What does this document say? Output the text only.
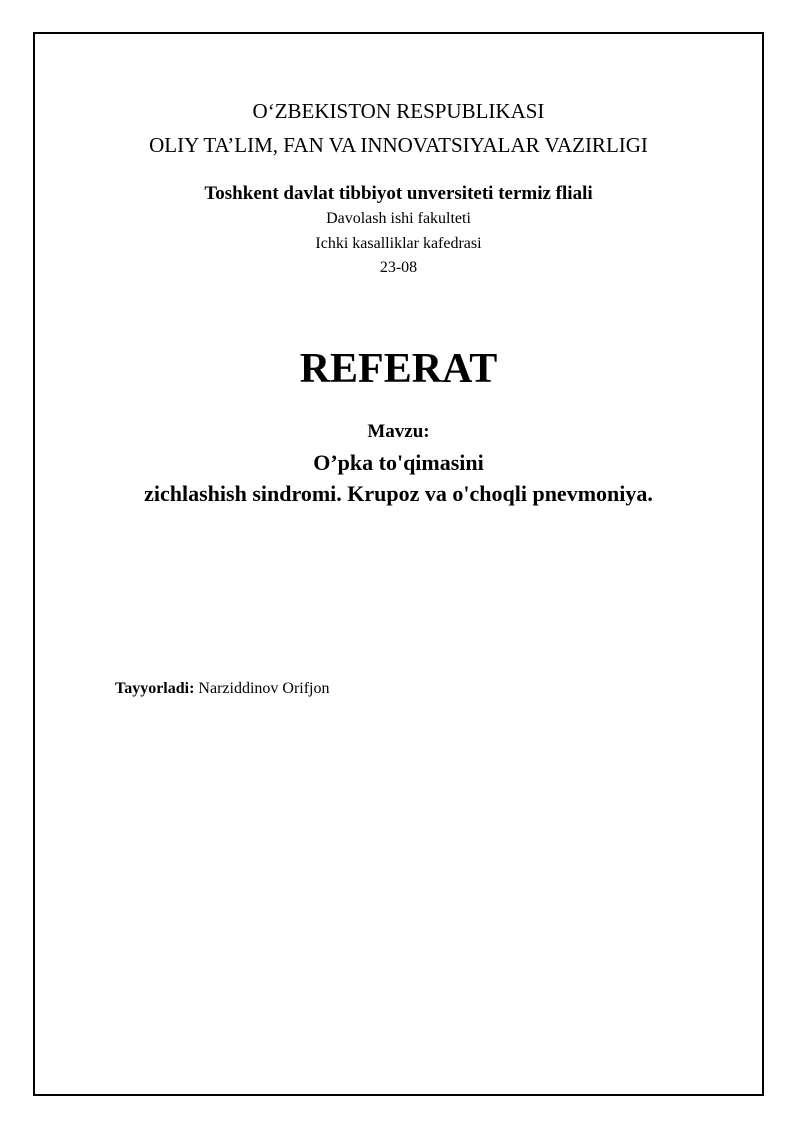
O‘ZBEKISTON RESPUBLIKASI
OLIY TA’LIM, FAN VA INNOVATSIYALAR VAZIRLIGI
Toshkent davlat tibbiyot unversiteti termiz fliali
Davolash ishi fakulteti
Ichki kasalliklar kafedrasi
23-08
REFERAT
Mavzu:
O’pka to'qimasini
zichlashish sindromi. Krupoz va o'choqli pnevmoniya.
Tayyorladi: Narziddinov Orifjon
